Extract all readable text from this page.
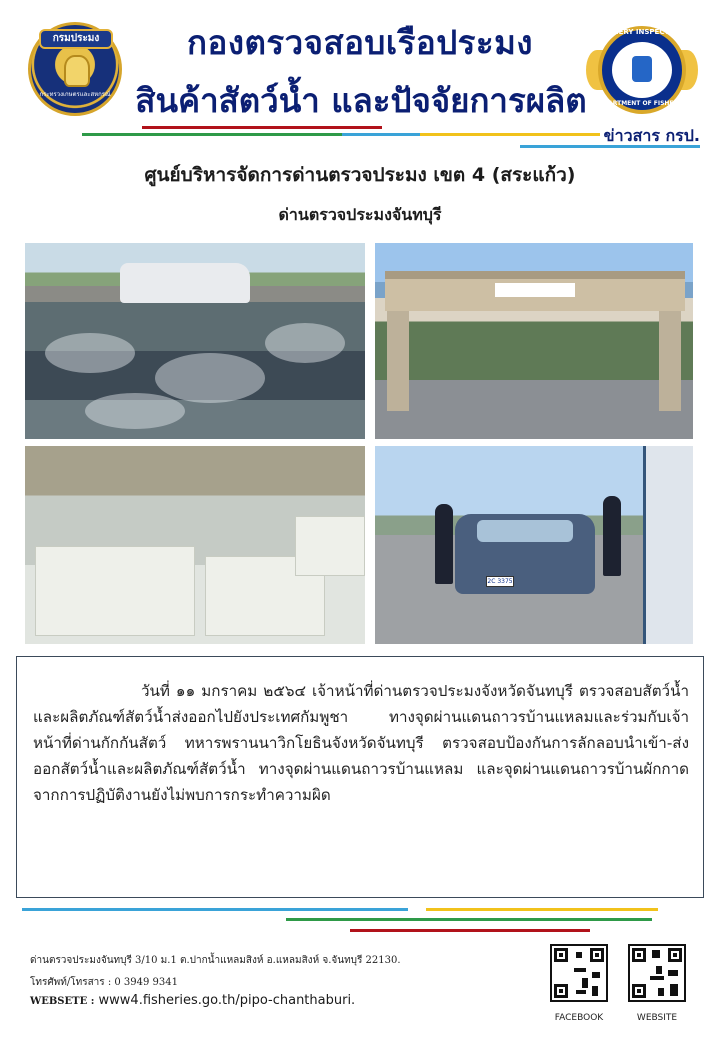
กรมประมง
กระทรวงเกษตรและสหกรณ์
กองตรวจสอบเรือประมง
สินค้าสัตว์น้ำ และปัจจัยการผลิต
FISHERY INSPECTION
DEPARTMENT OF FISHERIES
ข่าวสาร กรป.
ศูนย์บริหารจัดการด่านตรวจประมง เขต 4 (สระแก้ว)
ด่านตรวจประมงจันทบุรี
2C 3375
วันที่ ๑๑ มกราคม ๒๕๖๔ เจ้าหน้าที่ด่านตรวจประมงจังหวัดจันทบุรี ตรวจสอบสัตว์น้ำและผลิตภัณฑ์สัตว์น้ำส่งออกไปยังประเทศกัมพูชา ทางจุดผ่านแดนถาวรบ้านแหลมและร่วมกับเจ้าหน้าที่ด่านกักกันสัตว์ ทหารพรานนาวิกโยธินจังหวัดจันทบุรี ตรวจสอบป้องกันการลักลอบนำเข้า-ส่งออกสัตว์น้ำและผลิตภัณฑ์สัตว์น้ำ ทางจุดผ่านแดนถาวรบ้านแหลม และจุดผ่านแดนถาวรบ้านผักกาด จากการปฏิบัติงานยังไม่พบการกระทำความผิด
ด่านตรวจประมงจันทบุรี 3/10 ม.1 ต.ปากน้ำแหลมสิงห์ อ.แหลมสิงห์ จ.จันทบุรี 22130.
โทรศัพท์/โทรสาร : 0 3949 9341
WEBSETE : www4.fisheries.go.th/pipo-chanthaburi.
FACEBOOK	WEBSITE
